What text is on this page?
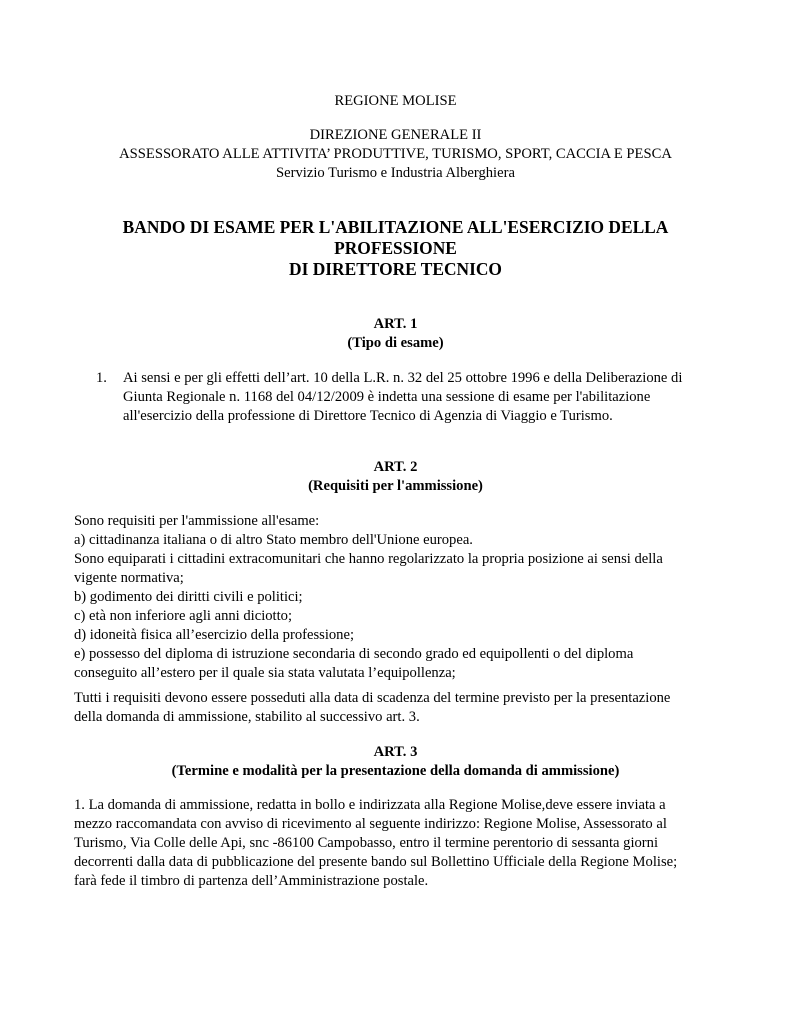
REGIONE MOLISE
DIREZIONE GENERALE II
ASSESSORATO ALLE ATTIVITA’ PRODUTTIVE, TURISMO, SPORT, CACCIA E PESCA
Servizio Turismo e Industria Alberghiera
BANDO DI ESAME PER L'ABILITAZIONE ALL'ESERCIZIO DELLA
PROFESSIONE
DI DIRETTORE TECNICO
ART. 1
(Tipo di esame)
1. Ai sensi e per gli effetti dell’art. 10 della L.R. n. 32 del 25 ottobre 1996 e della Deliberazione di
Giunta Regionale n. 1168 del 04/12/2009 è indetta una sessione di esame per l'abilitazione
all'esercizio della professione di Direttore Tecnico di Agenzia di Viaggio e Turismo.
ART. 2
(Requisiti per l'ammissione)
Sono requisiti per l'ammissione all'esame:
a) cittadinanza italiana o di altro Stato membro dell'Unione europea.
Sono equiparati i cittadini extracomunitari che hanno regolarizzato la propria posizione ai sensi della
vigente normativa;
b) godimento dei diritti civili e politici;
c) età non inferiore agli anni diciotto;
d) idoneità fisica all’esercizio della professione;
e) possesso del diploma di istruzione secondaria di secondo grado ed equipollenti o del diploma
conseguito all’estero per il quale sia stata valutata l’equipollenza;
Tutti i requisiti devono essere posseduti alla data di scadenza del termine previsto per la presentazione
della domanda di ammissione, stabilito al successivo art. 3.
ART. 3
(Termine e modalità per la presentazione della domanda di ammissione)
1. La domanda di ammissione, redatta in bollo e indirizzata alla Regione Molise,deve essere inviata a
mezzo raccomandata con avviso di ricevimento al seguente indirizzo: Regione Molise, Assessorato al
Turismo, Via Colle delle Api, snc -86100 Campobasso, entro il termine perentorio di sessanta giorni
decorrenti dalla data di pubblicazione del presente bando sul Bollettino Ufficiale della Regione Molise;
farà fede il timbro di partenza dell’Amministrazione postale.
